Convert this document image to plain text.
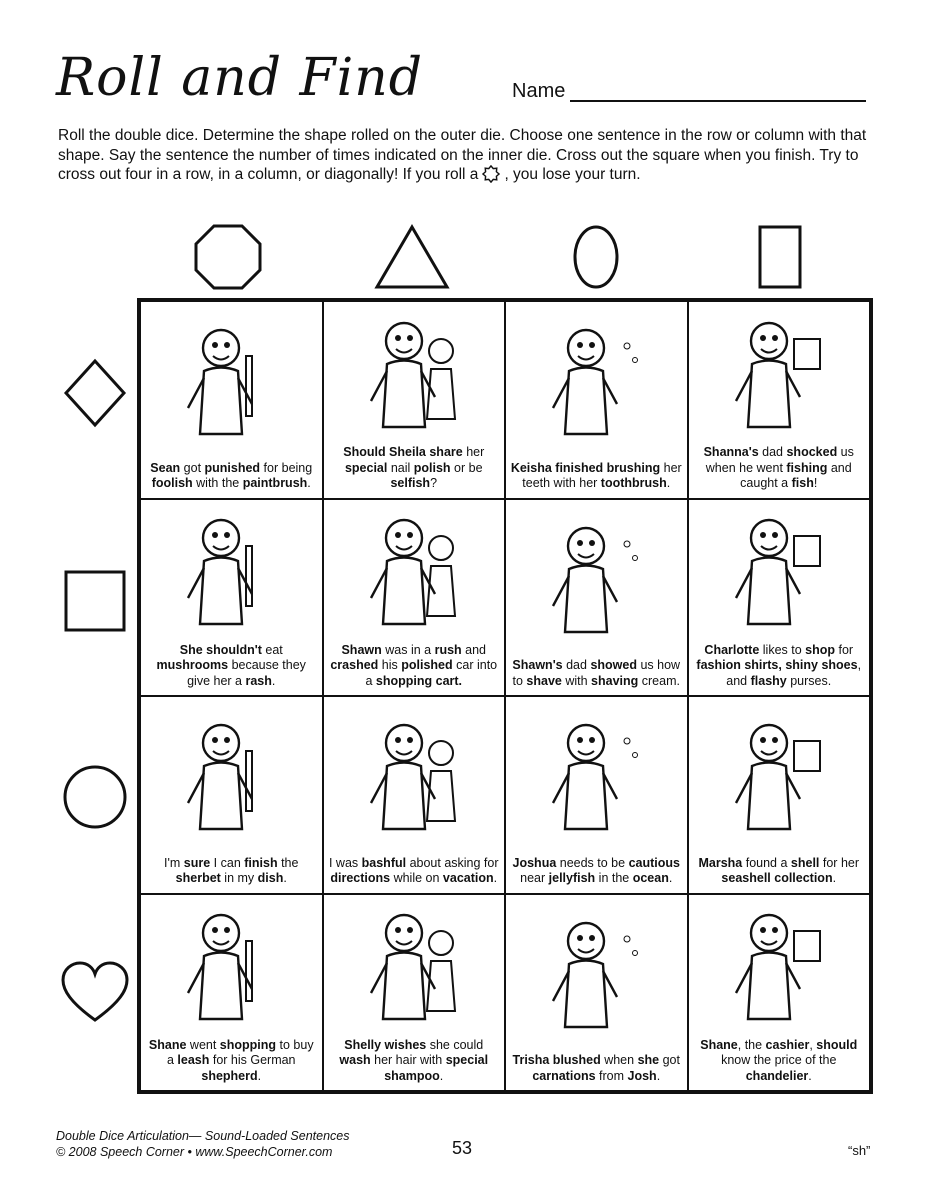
Roll and Find	Name
Roll the double dice. Determine the shape rolled on the outer die. Choose one sentence in the row or column with that shape. Say the sentence the number of times indicated on the inner die. Cross out the square when you finish. Try to cross out four in a row, in a column, or diagonally! If you roll a , you lose your turn.
Sean got punished for being foolish with the paintbrush.
Should Sheila share her special nail polish or be selfish?
Keisha finished brushing her teeth with her toothbrush.
Shanna's dad shocked us when he went fishing and caught a fish!
She shouldn't eat mushrooms because they give her a rash.
Shawn was in a rush and crashed his polished car into a shopping cart.
Shawn's dad showed us how to shave with shaving cream.
Charlotte likes to shop for fashion shirts, shiny shoes, and flashy purses.
I'm sure I can finish the sherbet in my dish.
I was bashful about asking for directions while on vacation.
Joshua needs to be cautious near jellyfish in the ocean.
Marsha found a shell for her seashell collection.
Shane went shopping to buy a leash for his German shepherd.
Shelly wishes she could wash her hair with special shampoo.
Trisha blushed when she got carnations from Josh.
Shane, the cashier, should know the price of the chandelier.
Double Dice Articulation— Sound-Loaded Sentences
© 2008 Speech Corner • www.SpeechCorner.com	53	“sh”
